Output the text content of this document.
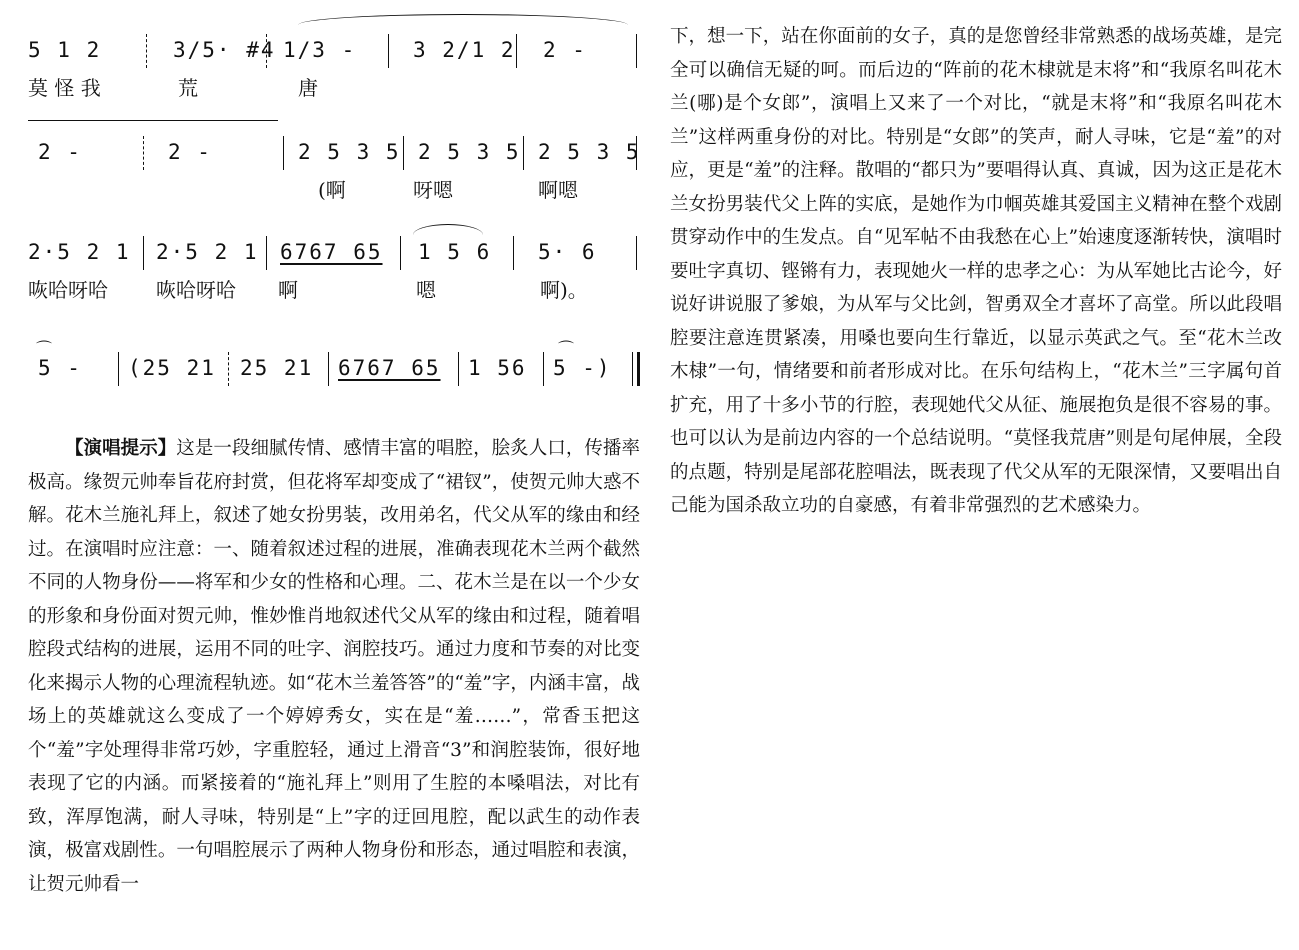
5 1 2	3/5· #4 1/3 -	3 2/1 2 2 -
莫 怪 我	荒	唐
2 -	2 -	2 5 3 5 2 5 3 5 2 5 3 5
(啊	呀嗯	啊嗯
2·5 2 1 2·5 2 1 6767 65 1 5 6 5· 6
咴哈呀哈 咴哈呀哈 啊	嗯	啊)。
⌒
5 - (25 21 25 21 6767 65 1 56
⌒
5 -)

【演唱提示】这是一段细腻传情、感情丰富的唱腔，脍炙人口，传播率极高。缘贺元帅奉旨花府封赏，但花将军却变成了“裙钗”，使贺元帅大惑不解。花木兰施礼拜上，叙述了她女扮男装，改用弟名，代父从军的缘由和经过。在演唱时应注意：一、随着叙述过程的进展，准确表现花木兰两个截然不同的人物身份——将军和少女的性格和心理。二、花木兰是在以一个少女的形象和身份面对贺元帅，惟妙惟肖地叙述代父从军的缘由和过程，随着唱腔段式结构的进展，运用不同的吐字、润腔技巧。通过力度和节奏的对比变化来揭示人物的心理流程轨迹。如“花木兰羞答答”的“羞”字，内涵丰富，战场上的英雄就这么变成了一个婷婷秀女，实在是“羞……”，常香玉把这个“羞”字处理得非常巧妙，字重腔轻，通过上滑音“3”和润腔装饰，很好地表现了它的内涵。而紧接着的“施礼拜上”则用了生腔的本嗓唱法，对比有致，浑厚饱满，耐人寻味，特别是“上”字的迂回甩腔，配以武生的动作表演，极富戏剧性。一句唱腔展示了两种人物身份和形态，通过唱腔和表演，让贺元帅看一

下，想一下，站在你面前的女子，真的是您曾经非常熟悉的战场英雄，是完全可以确信无疑的呵。而后边的“阵前的花木棣就是末将”和“我原名叫花木兰(哪)是个女郎”，演唱上又来了一个对比，“就是末将”和“我原名叫花木兰”这样两重身份的对比。特别是“女郎”的笑声，耐人寻味，它是“羞”的对应，更是“羞”的注释。散唱的“都只为”要唱得认真、真诚，因为这正是花木兰女扮男装代父上阵的实底，是她作为巾帼英雄其爱国主义精神在整个戏剧贯穿动作中的生发点。自“见军帖不由我愁在心上”始速度逐渐转快，演唱时要吐字真切、铿锵有力，表现她火一样的忠孝之心：为从军她比古论今，好说好讲说服了爹娘，为从军与父比剑，智勇双全才喜坏了高堂。所以此段唱腔要注意连贯紧凑，用嗓也要向生行靠近，以显示英武之气。至“花木兰改木棣”一句，情绪要和前者形成对比。在乐句结构上，“花木兰”三字属句首扩充，用了十多小节的行腔，表现她代父从征、施展抱负是很不容易的事。也可以认为是前边内容的一个总结说明。“莫怪我荒唐”则是句尾伸展，全段的点题，特别是尾部花腔唱法，既表现了代父从军的无限深情，又要唱出自己能为国杀敌立功的自豪感，有着非常强烈的艺术感染力。
